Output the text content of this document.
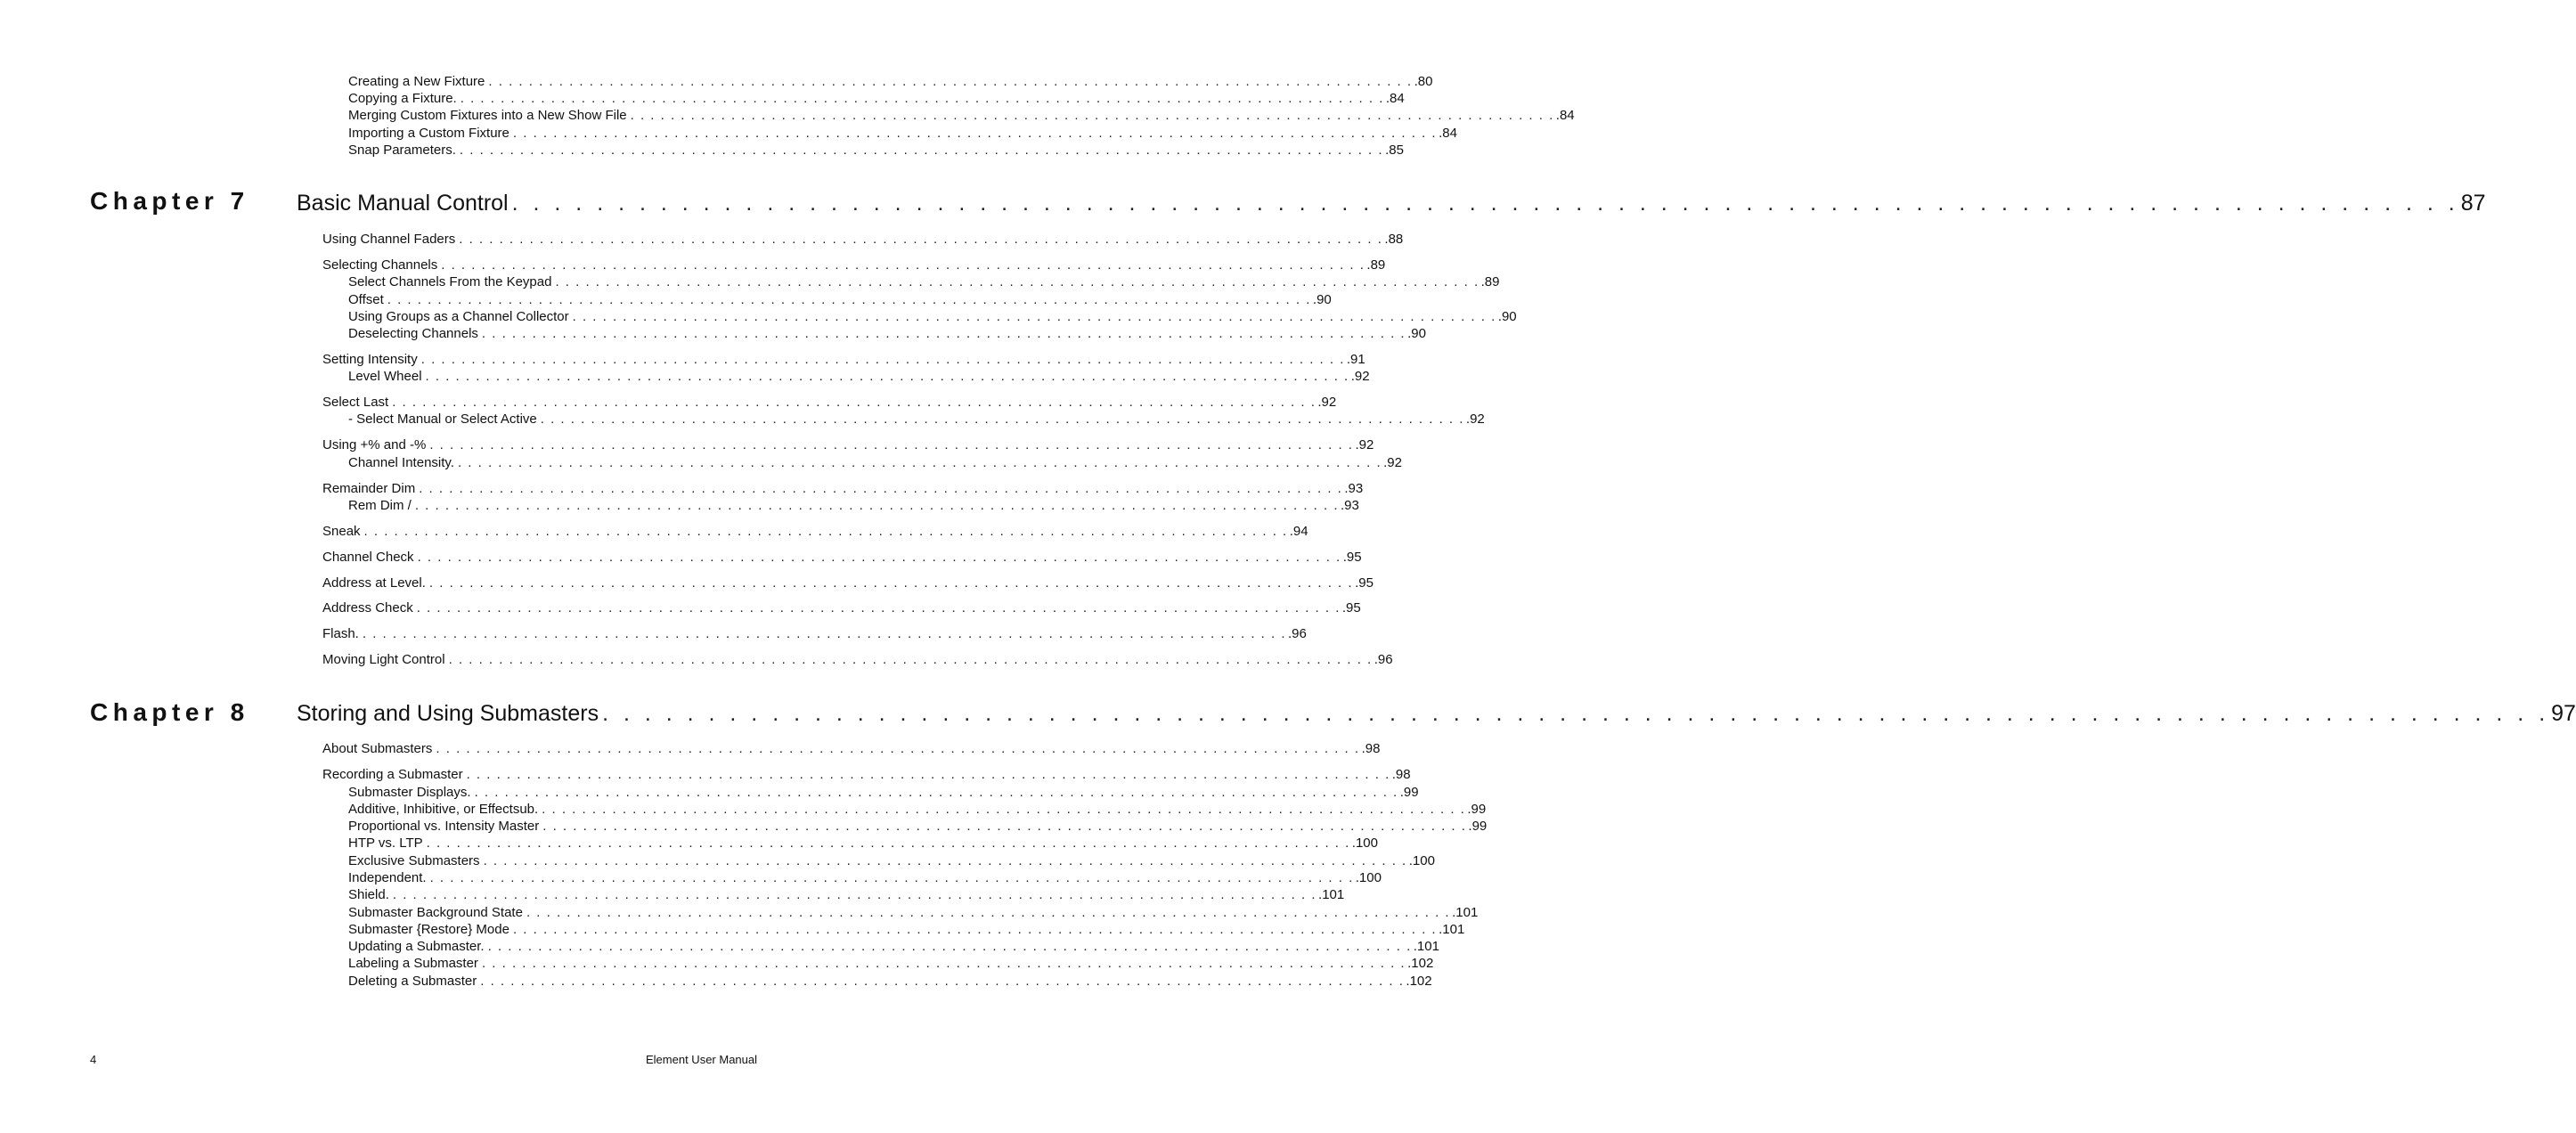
Creating a New Fixture . . . . . . . . . . . . . . . . . . . . . . . . . . . . . . . . . . . . . . . . . . . . . . . . . . . . . . . . . . . . . . . . . . . . . . . . . . . . . . . . . . . . . . . . . . . . .80
Copying a Fixture. . . . . . . . . . . . . . . . . . . . . . . . . . . . . . . . . . . . . . . . . . . . . . . . . . . . . . . . . . . . . . . . . . . . . . . . . . . . . . . . . . . . . . . . . . . . . .84
Merging Custom Fixtures into a New Show File . . . . . . . . . . . . . . . . . . . . . . . . . . . . . . . . . . . . . . . . . . . . . . . . . . . . . . . . . . . . . . . . . . . . . . . . . . . . . . . . . . . . . . . . . . . . .84
Importing a Custom Fixture . . . . . . . . . . . . . . . . . . . . . . . . . . . . . . . . . . . . . . . . . . . . . . . . . . . . . . . . . . . . . . . . . . . . . . . . . . . . . . . . . . . . . . . . . . . . .84
Snap Parameters. . . . . . . . . . . . . . . . . . . . . . . . . . . . . . . . . . . . . . . . . . . . . . . . . . . . . . . . . . . . . . . . . . . . . . . . . . . . . . . . . . . . . . . . . . . . . .85
Chapter 7 Basic Manual Control . . . . . . . . . . . . . . . . . . . . . . . . . . . . . . . . . . . . . . . . . . . . . . . . . . . . . . . . . . . . . . . . . . . . . . . . . . . . . . . . . . . . . . . . . . . . 87
Using Channel Faders . . . . . . . . . . . . . . . . . . . . . . . . . . . . . . . . . . . . . . . . . . . . . . . . . . . . . . . . . . . . . . . . . . . . . . . . . . . . . . . . . . . . . . . . . . . . .88
Selecting Channels . . . . . . . . . . . . . . . . . . . . . . . . . . . . . . . . . . . . . . . . . . . . . . . . . . . . . . . . . . . . . . . . . . . . . . . . . . . . . . . . . . . . . . . . . . . . .89
Select Channels From the Keypad . . . . . . . . . . . . . . . . . . . . . . . . . . . . . . . . . . . . . . . . . . . . . . . . . . . . . . . . . . . . . . . . . . . . . . . . . . . . . . . . . . . . . . . . . . . . .89
Offset . . . . . . . . . . . . . . . . . . . . . . . . . . . . . . . . . . . . . . . . . . . . . . . . . . . . . . . . . . . . . . . . . . . . . . . . . . . . . . . . . . . . . . . . . . . . .90
Using Groups as a Channel Collector . . . . . . . . . . . . . . . . . . . . . . . . . . . . . . . . . . . . . . . . . . . . . . . . . . . . . . . . . . . . . . . . . . . . . . . . . . . . . . . . . . . . . . . . . . . . .90
Deselecting Channels . . . . . . . . . . . . . . . . . . . . . . . . . . . . . . . . . . . . . . . . . . . . . . . . . . . . . . . . . . . . . . . . . . . . . . . . . . . . . . . . . . . . . . . . . . . . .90
Setting Intensity . . . . . . . . . . . . . . . . . . . . . . . . . . . . . . . . . . . . . . . . . . . . . . . . . . . . . . . . . . . . . . . . . . . . . . . . . . . . . . . . . . . . . . . . . . . . .91
Level Wheel . . . . . . . . . . . . . . . . . . . . . . . . . . . . . . . . . . . . . . . . . . . . . . . . . . . . . . . . . . . . . . . . . . . . . . . . . . . . . . . . . . . . . . . . . . . . .92
Select Last . . . . . . . . . . . . . . . . . . . . . . . . . . . . . . . . . . . . . . . . . . . . . . . . . . . . . . . . . . . . . . . . . . . . . . . . . . . . . . . . . . . . . . . . . . . . .92
- Select Manual or Select Active . . . . . . . . . . . . . . . . . . . . . . . . . . . . . . . . . . . . . . . . . . . . . . . . . . . . . . . . . . . . . . . . . . . . . . . . . . . . . . . . . . . . . . . . . . . . .92
Using +% and -% . . . . . . . . . . . . . . . . . . . . . . . . . . . . . . . . . . . . . . . . . . . . . . . . . . . . . . . . . . . . . . . . . . . . . . . . . . . . . . . . . . . . . . . . . . . . .92
Channel Intensity. . . . . . . . . . . . . . . . . . . . . . . . . . . . . . . . . . . . . . . . . . . . . . . . . . . . . . . . . . . . . . . . . . . . . . . . . . . . . . . . . . . . . . . . . . . . . .92
Remainder Dim . . . . . . . . . . . . . . . . . . . . . . . . . . . . . . . . . . . . . . . . . . . . . . . . . . . . . . . . . . . . . . . . . . . . . . . . . . . . . . . . . . . . . . . . . . . . .93
Rem Dim / . . . . . . . . . . . . . . . . . . . . . . . . . . . . . . . . . . . . . . . . . . . . . . . . . . . . . . . . . . . . . . . . . . . . . . . . . . . . . . . . . . . . . . . . . . . . .93
Sneak . . . . . . . . . . . . . . . . . . . . . . . . . . . . . . . . . . . . . . . . . . . . . . . . . . . . . . . . . . . . . . . . . . . . . . . . . . . . . . . . . . . . . . . . . . . . .94
Channel Check . . . . . . . . . . . . . . . . . . . . . . . . . . . . . . . . . . . . . . . . . . . . . . . . . . . . . . . . . . . . . . . . . . . . . . . . . . . . . . . . . . . . . . . . . . . . .95
Address at Level. . . . . . . . . . . . . . . . . . . . . . . . . . . . . . . . . . . . . . . . . . . . . . . . . . . . . . . . . . . . . . . . . . . . . . . . . . . . . . . . . . . . . . . . . . . . . .95
Address Check . . . . . . . . . . . . . . . . . . . . . . . . . . . . . . . . . . . . . . . . . . . . . . . . . . . . . . . . . . . . . . . . . . . . . . . . . . . . . . . . . . . . . . . . . . . . .95
Flash. . . . . . . . . . . . . . . . . . . . . . . . . . . . . . . . . . . . . . . . . . . . . . . . . . . . . . . . . . . . . . . . . . . . . . . . . . . . . . . . . . . . . . . . . . . . . .96
Moving Light Control . . . . . . . . . . . . . . . . . . . . . . . . . . . . . . . . . . . . . . . . . . . . . . . . . . . . . . . . . . . . . . . . . . . . . . . . . . . . . . . . . . . . . . . . . . . . .96
Chapter 8 Storing and Using Submasters . . . . . . . . . . . . . . . . . . . . . . . . . . . . . . . . . . . . . . . . . . . . . . . . . . . . . . . . . . . . . . . . . . . . . . . . . . . . . . . . . . . . . . . . . . . . 97
About Submasters . . . . . . . . . . . . . . . . . . . . . . . . . . . . . . . . . . . . . . . . . . . . . . . . . . . . . . . . . . . . . . . . . . . . . . . . . . . . . . . . . . . . . . . . . . . . .98
Recording a Submaster . . . . . . . . . . . . . . . . . . . . . . . . . . . . . . . . . . . . . . . . . . . . . . . . . . . . . . . . . . . . . . . . . . . . . . . . . . . . . . . . . . . . . . . . . . . . .98
Submaster Displays. . . . . . . . . . . . . . . . . . . . . . . . . . . . . . . . . . . . . . . . . . . . . . . . . . . . . . . . . . . . . . . . . . . . . . . . . . . . . . . . . . . . . . . . . . . . . .99
Additive, Inhibitive, or Effectsub. . . . . . . . . . . . . . . . . . . . . . . . . . . . . . . . . . . . . . . . . . . . . . . . . . . . . . . . . . . . . . . . . . . . . . . . . . . . . . . . . . . . . . . . . . . . . .99
Proportional vs. Intensity Master . . . . . . . . . . . . . . . . . . . . . . . . . . . . . . . . . . . . . . . . . . . . . . . . . . . . . . . . . . . . . . . . . . . . . . . . . . . . . . . . . . . . . . . . . . . . .99
HTP vs. LTP . . . . . . . . . . . . . . . . . . . . . . . . . . . . . . . . . . . . . . . . . . . . . . . . . . . . . . . . . . . . . . . . . . . . . . . . . . . . . . . . . . . . . . . . . . . . .100
Exclusive Submasters . . . . . . . . . . . . . . . . . . . . . . . . . . . . . . . . . . . . . . . . . . . . . . . . . . . . . . . . . . . . . . . . . . . . . . . . . . . . . . . . . . . . . . . . . . . . .100
Independent. . . . . . . . . . . . . . . . . . . . . . . . . . . . . . . . . . . . . . . . . . . . . . . . . . . . . . . . . . . . . . . . . . . . . . . . . . . . . . . . . . . . . . . . . . . . . .100
Shield. . . . . . . . . . . . . . . . . . . . . . . . . . . . . . . . . . . . . . . . . . . . . . . . . . . . . . . . . . . . . . . . . . . . . . . . . . . . . . . . . . . . . . . . . . . . . .101
Submaster Background State . . . . . . . . . . . . . . . . . . . . . . . . . . . . . . . . . . . . . . . . . . . . . . . . . . . . . . . . . . . . . . . . . . . . . . . . . . . . . . . . . . . . . . . . . . . . .101
Submaster {Restore} Mode . . . . . . . . . . . . . . . . . . . . . . . . . . . . . . . . . . . . . . . . . . . . . . . . . . . . . . . . . . . . . . . . . . . . . . . . . . . . . . . . . . . . . . . . . . . . .101
Updating a Submaster. . . . . . . . . . . . . . . . . . . . . . . . . . . . . . . . . . . . . . . . . . . . . . . . . . . . . . . . . . . . . . . . . . . . . . . . . . . . . . . . . . . . . . . . . . . . . .101
Labeling a Submaster . . . . . . . . . . . . . . . . . . . . . . . . . . . . . . . . . . . . . . . . . . . . . . . . . . . . . . . . . . . . . . . . . . . . . . . . . . . . . . . . . . . . . . . . . . . . .102
Deleting a Submaster . . . . . . . . . . . . . . . . . . . . . . . . . . . . . . . . . . . . . . . . . . . . . . . . . . . . . . . . . . . . . . . . . . . . . . . . . . . . . . . . . . . . . . . . . . . . .102
4	Element User Manual
